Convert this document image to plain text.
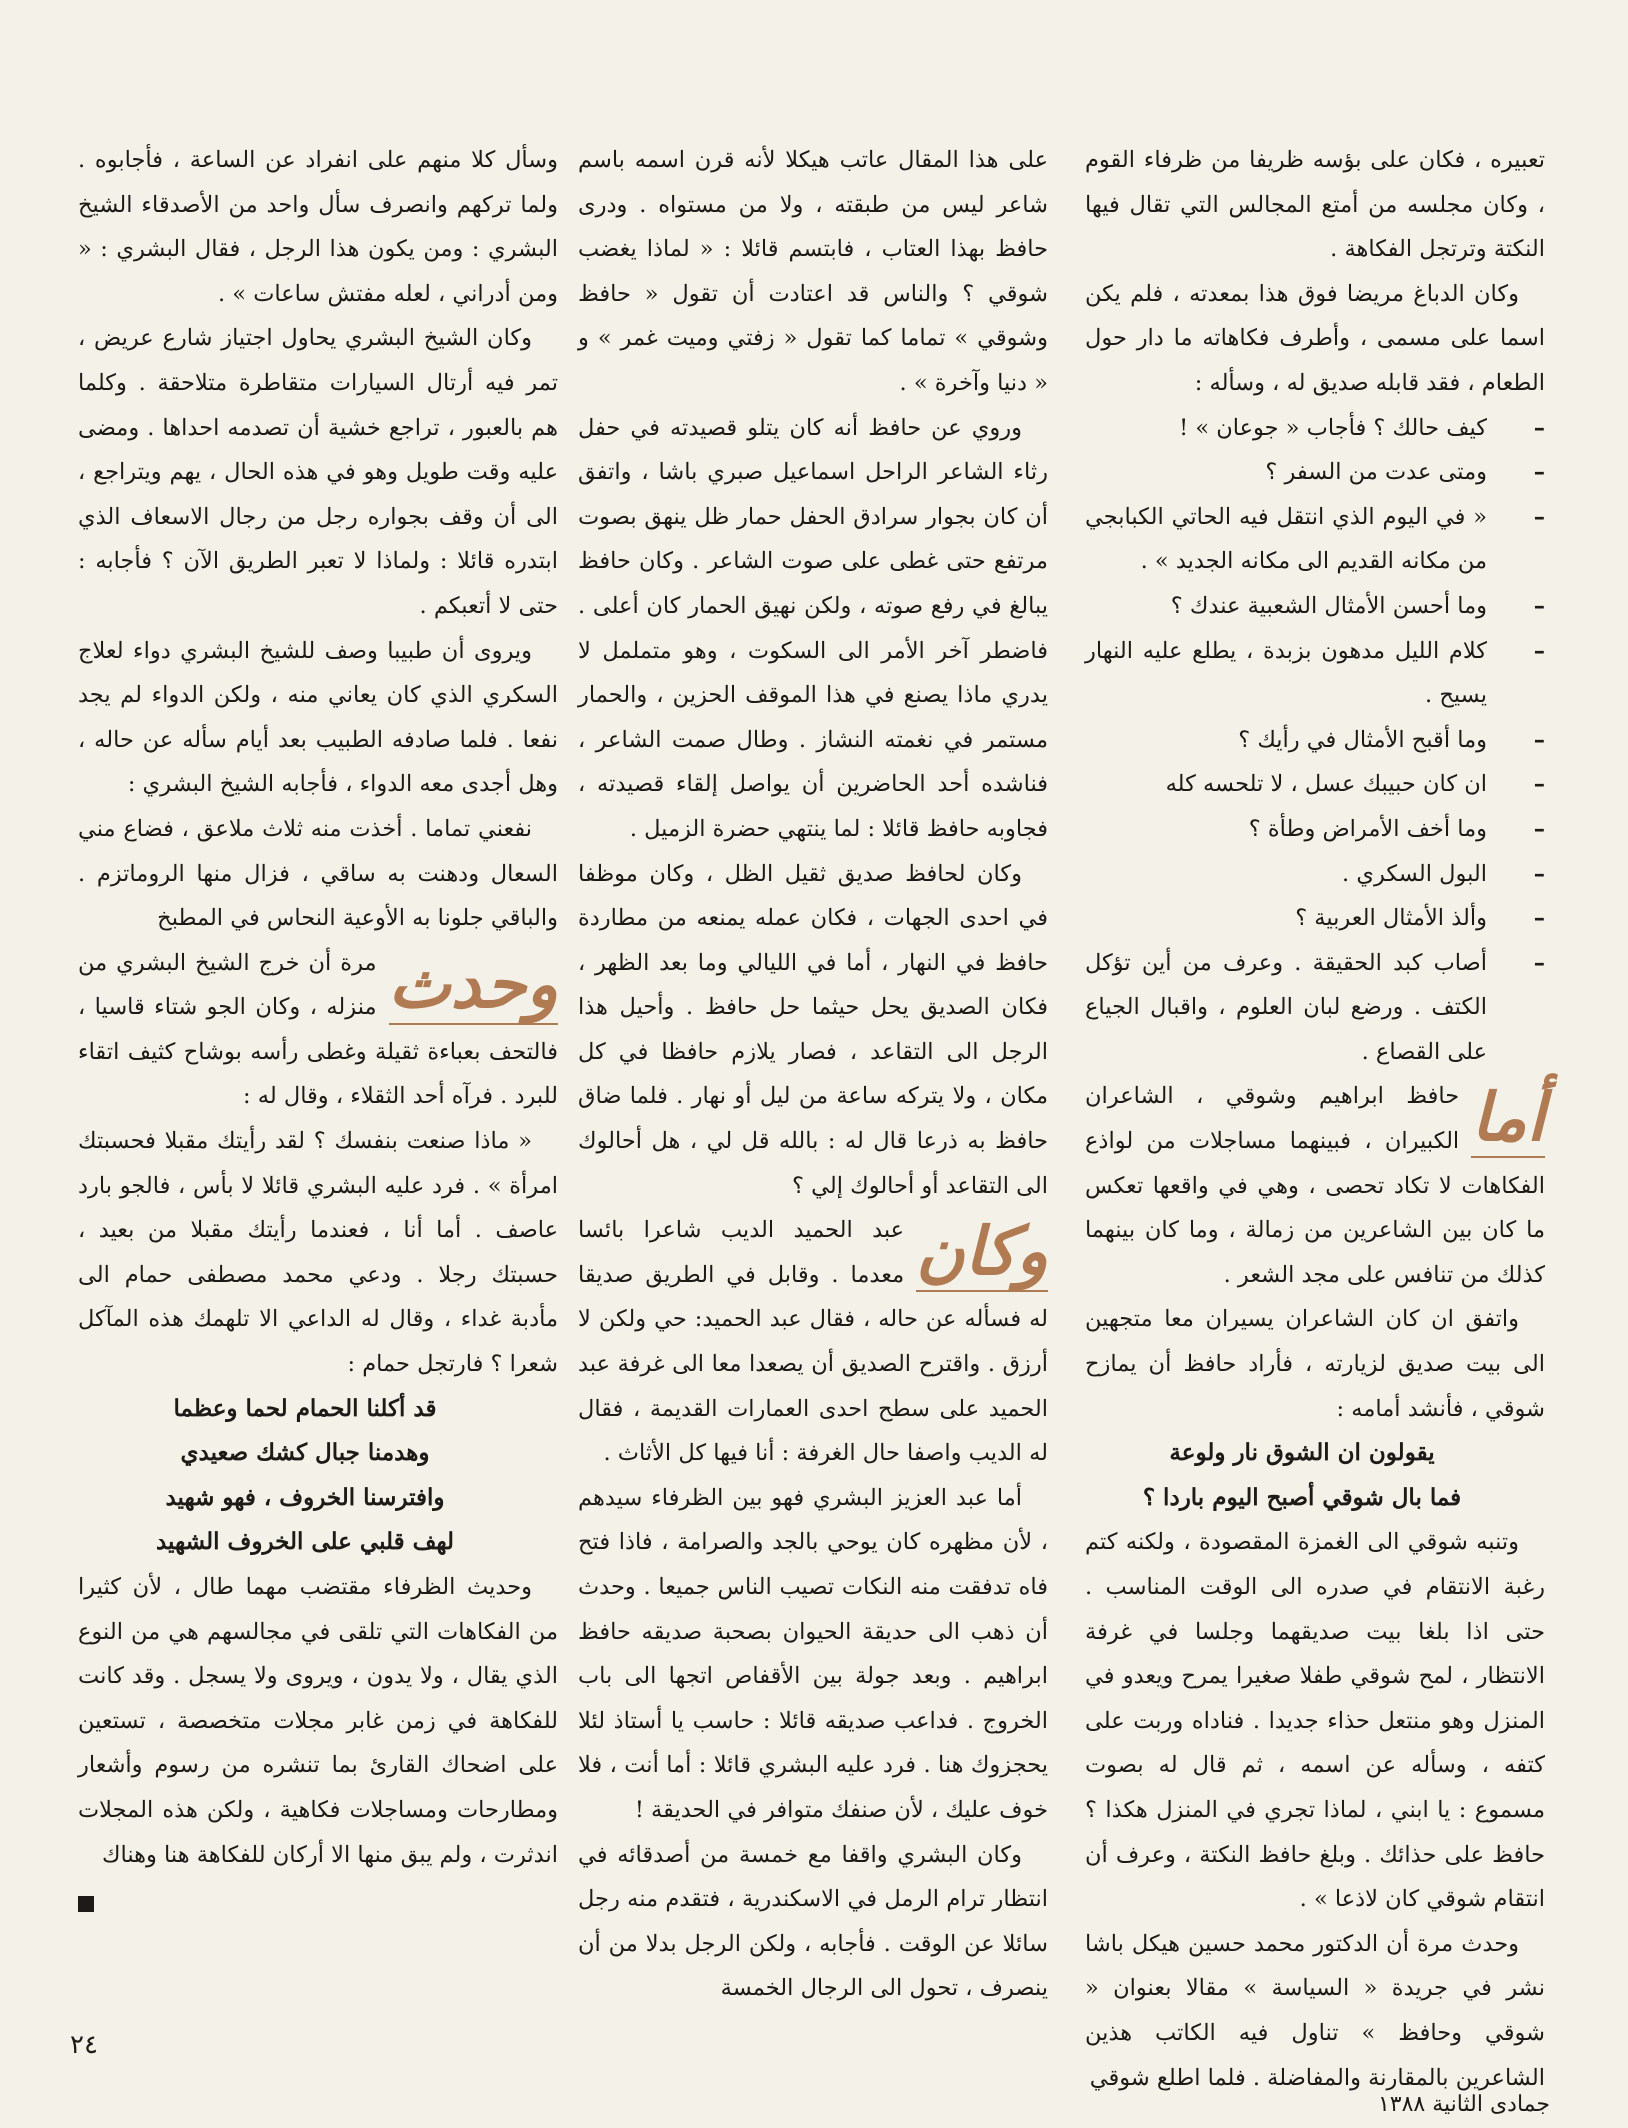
تعبيره ، فكان على بؤسه ظريفا من ظرفاء القوم ، وكان مجلسه من أمتع المجالس التي تقال فيها النكتة وترتجل الفكاهة .

وكان الدباغ مريضا فوق هذا بمعدته ، فلم يكن اسما على مسمى ، وأطرف فكاهاته ما دار حول الطعام ، فقد قابله صديق له ، وسأله :

– كيف حالك ؟ فأجاب « جوعان » !
– ومتى عدت من السفر ؟
– « في اليوم الذي انتقل فيه الحاتي الكبابجي من مكانه القديم الى مكانه الجديد » .
– وما أحسن الأمثال الشعبية عندك ؟
– كلام الليل مدهون بزبدة ، يطلع عليه النهار يسيح .
– وما أقبح الأمثال في رأيك ؟
– ان كان حبيبك عسل ، لا تلحسه كله
– وما أخف الأمراض وطأة ؟
– البول السكري .
– وألذ الأمثال العربية ؟
– أصاب كبد الحقيقة . وعرف من أين تؤكل الكتف . ورضع لبان العلوم ، واقبال الجياع على القصاع .

أما
حافظ ابراهيم وشوقي ، الشاعران الكبيران ، فبينهما مساجلات من لواذع الفكاهات لا تكاد تحصى ، وهي في واقعها تعكس ما كان بين الشاعرين من زمالة ، وما كان بينهما كذلك من تنافس على مجد الشعر .

واتفق ان كان الشاعران يسيران معا متجهين الى بيت صديق لزيارته ، فأراد حافظ أن يمازح شوقي ، فأنشد أمامه :

يقولون ان الشوق نار ولوعة

فما بال شوقي أصبح اليوم باردا ؟

وتنبه شوقي الى الغمزة المقصودة ، ولكنه كتم رغبة الانتقام في صدره الى الوقت المناسب . حتى اذا بلغا بيت صديقهما وجلسا في غرفة الانتظار ، لمح شوقي طفلا صغيرا يمرح ويعدو في المنزل وهو منتعل حذاء جديدا . فناداه وربت على كتفه ، وسأله عن اسمه ، ثم قال له بصوت مسموع : يا ابني ، لماذا تجري في المنزل هكذا ؟ حافظ على حذائك . وبلغ حافظ النكتة ، وعرف أن انتقام شوقي كان لاذعا » .

وحدث مرة أن الدكتور محمد حسين هيكل باشا نشر في جريدة « السياسة » مقالا بعنوان « شوقي وحافظ » تناول فيه الكاتب هذين الشاعرين بالمقارنة والمفاضلة . فلما اطلع شوقي

على هذا المقال عاتب هيكلا لأنه قرن اسمه باسم شاعر ليس من طبقته ، ولا من مستواه . ودرى حافظ بهذا العتاب ، فابتسم قائلا : « لماذا يغضب شوقي ؟ والناس قد اعتادت أن تقول « حافظ وشوقي » تماما كما تقول « زفتي وميت غمر » و « دنيا وآخرة » .

وروي عن حافظ أنه كان يتلو قصيدته في حفل رثاء الشاعر الراحل اسماعيل صبري باشا ، واتفق أن كان بجوار سرادق الحفل حمار ظل ينهق بصوت مرتفع حتى غطى على صوت الشاعر . وكان حافظ يبالغ في رفع صوته ، ولكن نهيق الحمار كان أعلى . فاضطر آخر الأمر الى السكوت ، وهو متململ لا يدري ماذا يصنع في هذا الموقف الحزين ، والحمار مستمر في نغمته النشاز . وطال صمت الشاعر ، فناشده أحد الحاضرين أن يواصل إلقاء قصيدته ، فجاوبه حافظ قائلا : لما ينتهي حضرة الزميل .

وكان لحافظ صديق ثقيل الظل ، وكان موظفا في احدى الجهات ، فكان عمله يمنعه من مطاردة حافظ في النهار ، أما في الليالي وما بعد الظهر ، فكان الصديق يحل حيثما حل حافظ . وأحيل هذا الرجل الى التقاعد ، فصار يلازم حافظا في كل مكان ، ولا يتركه ساعة من ليل أو نهار . فلما ضاق حافظ به ذرعا قال له : بالله قل لي ، هل أحالوك الى التقاعد أو أحالوك إلي ؟

وكان
عبد الحميد الديب شاعرا بائسا معدما . وقابل في الطريق صديقا له فسأله عن حاله ، فقال عبد الحميد: حي ولكن لا أرزق . واقترح الصديق أن يصعدا معا الى غرفة عبد الحميد على سطح احدى العمارات القديمة ، فقال له الديب واصفا حال الغرفة : أنا فيها كل الأثاث .

أما عبد العزيز البشري فهو بين الظرفاء سيدهم ، لأن مظهره كان يوحي بالجد والصرامة ، فاذا فتح فاه تدفقت منه النكات تصيب الناس جميعا . وحدث أن ذهب الى حديقة الحيوان بصحبة صديقه حافظ ابراهيم . وبعد جولة بين الأقفاص اتجها الى باب الخروج . فداعب صديقه قائلا : حاسب يا أستاذ لئلا يحجزوك هنا . فرد عليه البشري قائلا : أما أنت ، فلا خوف عليك ، لأن صنفك متوافر في الحديقة !

وكان البشري واقفا مع خمسة من أصدقائه في انتظار ترام الرمل في الاسكندرية ، فتقدم منه رجل سائلا عن الوقت . فأجابه ، ولكن الرجل بدلا من أن ينصرف ، تحول الى الرجال الخمسة

وسأل كلا منهم على انفراد عن الساعة ، فأجابوه . ولما تركهم وانصرف سأل واحد من الأصدقاء الشيخ البشري : ومن يكون هذا الرجل ، فقال البشري : « ومن أدراني ، لعله مفتش ساعات » .

وكان الشيخ البشري يحاول اجتياز شارع عريض ، تمر فيه أرتال السيارات متقاطرة متلاحقة . وكلما هم بالعبور ، تراجع خشية أن تصدمه احداها . ومضى عليه وقت طويل وهو في هذه الحال ، يهم ويتراجع ، الى أن وقف بجواره رجل من رجال الاسعاف الذي ابتدره قائلا : ولماذا لا تعبر الطريق الآن ؟ فأجابه : حتى لا أتعبكم .

ويروى أن طبيبا وصف للشيخ البشري دواء لعلاج السكري الذي كان يعاني منه ، ولكن الدواء لم يجد نفعا . فلما صادفه الطبيب بعد أيام سأله عن حاله ، وهل أجدى معه الدواء ، فأجابه الشيخ البشري :

نفعني تماما . أخذت منه ثلاث ملاعق ، فضاع مني السعال ودهنت به ساقي ، فزال منها الروماتزم . والباقي جلونا به الأوعية النحاس في المطبخ

وحدث
مرة أن خرج الشيخ البشري من منزله ، وكان الجو شتاء قاسيا ، فالتحف بعباءة ثقيلة وغطى رأسه بوشاح كثيف اتقاء للبرد . فرآه أحد الثقلاء ، وقال له :

« ماذا صنعت بنفسك ؟ لقد رأيتك مقبلا فحسبتك امرأة » . فرد عليه البشري قائلا لا بأس ، فالجو بارد عاصف . أما أنا ، فعندما رأيتك مقبلا من بعيد ، حسبتك رجلا . ودعي محمد مصطفى حمام الى مأدبة غداء ، وقال له الداعي الا تلهمك هذه المآكل شعرا ؟ فارتجل حمام :

قد أكلنا الحمام لحما وعظما

وهدمنا جبال كشك صعيدي

وافترسنا الخروف ، فهو شهيد

لهف قلبي على الخروف الشهيد

وحديث الظرفاء مقتضب مهما طال ، لأن كثيرا من الفكاهات التي تلقى في مجالسهم هي من النوع الذي يقال ، ولا يدون ، ويروى ولا يسجل . وقد كانت للفكاهة في زمن غابر مجلات متخصصة ، تستعين على اضحاك القارئ بما تنشره من رسوم وأشعار ومطارحات ومساجلات فكاهية ، ولكن هذه المجلات اندثرت ، ولم يبق منها الا أركان للفكاهة هنا وهناك

٢٤
جمادى الثانية ١٣٨٨
